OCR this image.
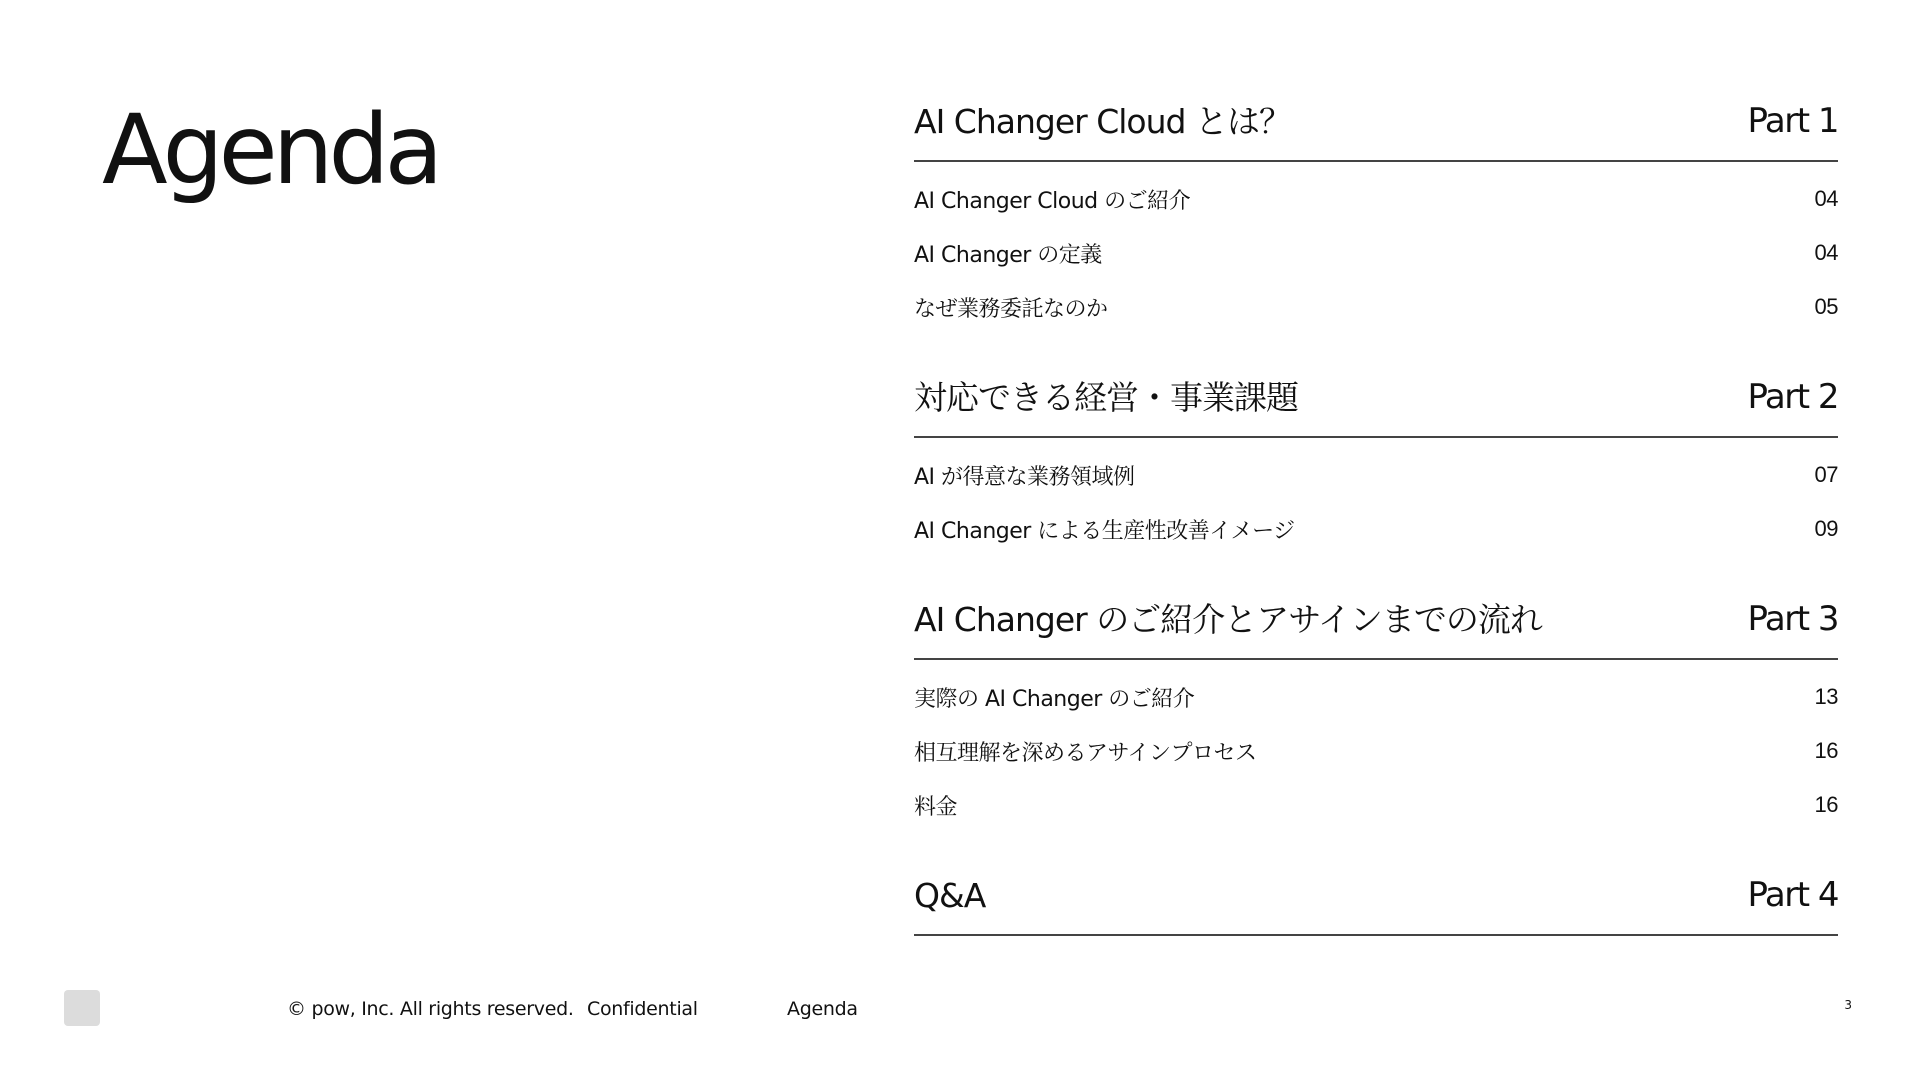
Agenda	AI Changer Cloud とは？	Part 1
AI Changer Cloud のご紹介	04
AI Changer の定義	04
なぜ業務委託なのか	05
対応できる経営・事業課題	Part 2
AI が得意な業務領域例	07
AI Changer による生産性改善イメージ	09
AI Changer のご紹介とアサインまでの流れ	Part 3
実際の AI Changer のご紹介	13
相互理解を深めるアサインプロセス	16
料金	16
Q&A	Part 4
© pow, Inc. All rights reserved. Confidential	Agenda	3
